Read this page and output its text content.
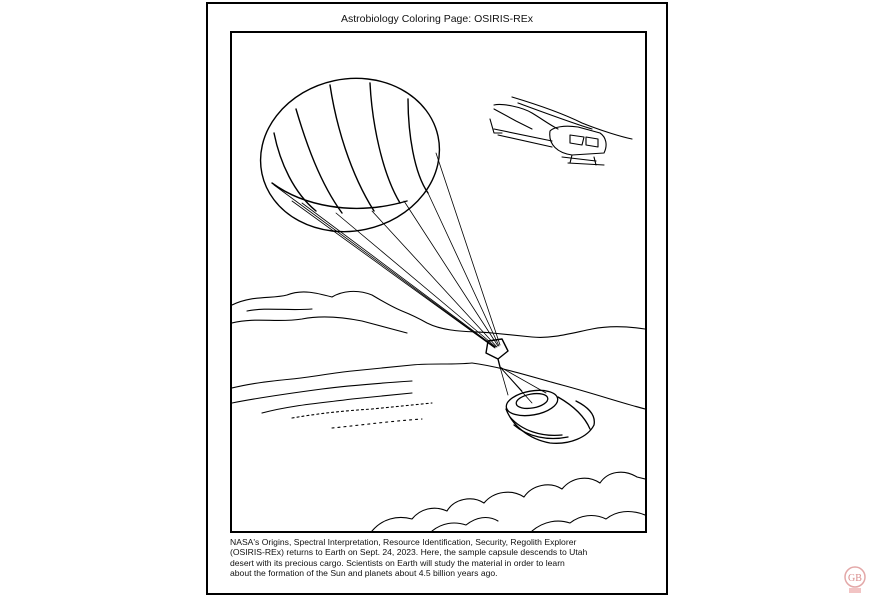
Astrobiology Coloring Page: OSIRIS-REx
NASA's Origins, Spectral Interpretation, Resource Identification, Security, Regolith Explorer
(OSIRIS-REx) returns to Earth on Sept. 24, 2023. Here, the sample capsule descends to Utah
desert with its precious cargo. Scientists on Earth will study the material in order to learn
about the formation of the Sun and planets about 4.5 billion years ago.	GB
